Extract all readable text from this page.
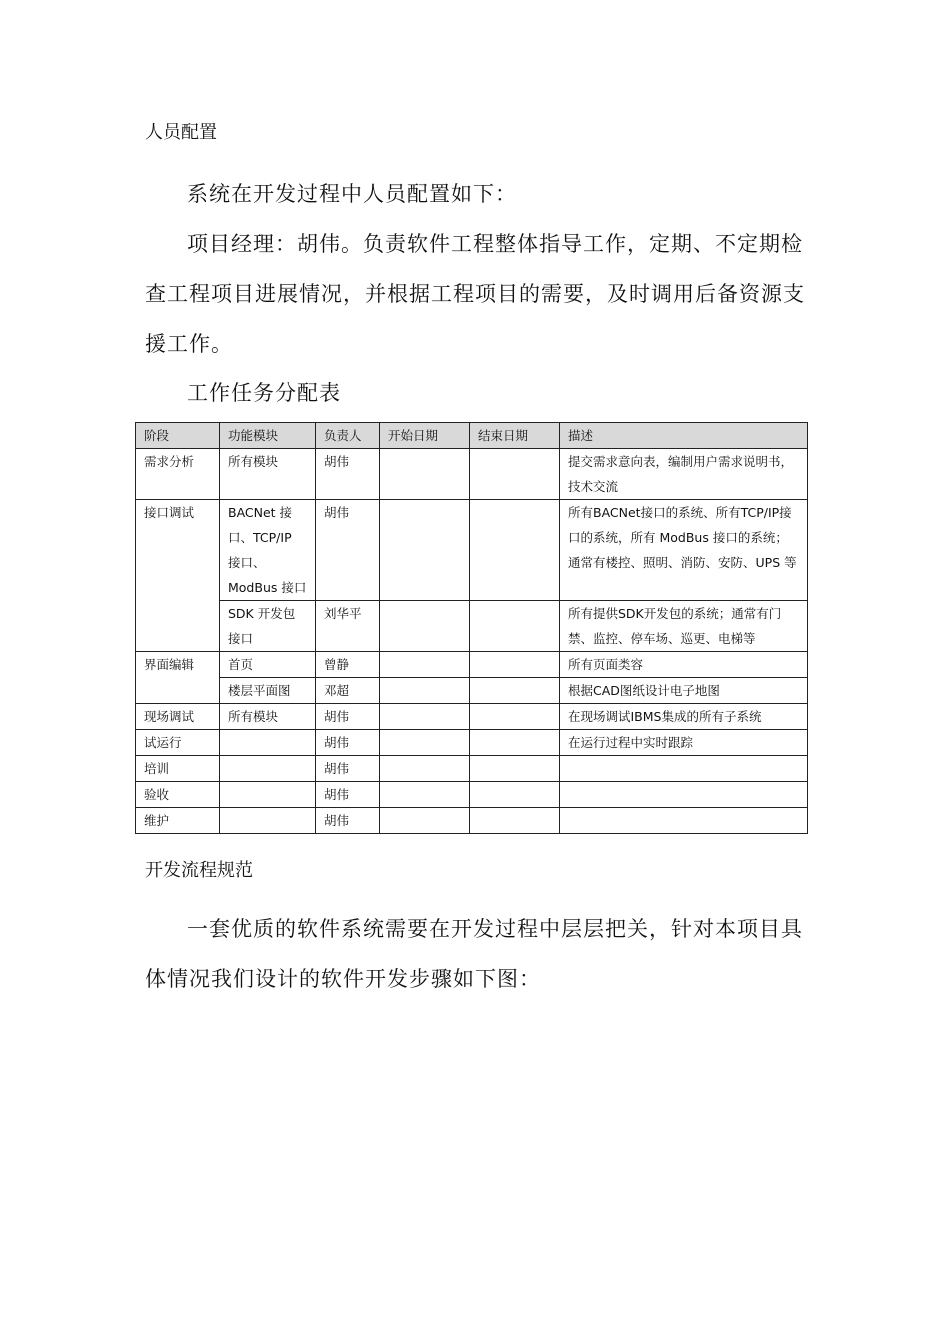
人员配置
系统在开发过程中人员配置如下：
项目经理：胡伟。负责软件工程整体指导工作，定期、不定期检查工程项目进展情况，并根据工程项目的需要，及时调用后备资源支援工作。
工作任务分配表
阶段	功能模块	负责人	开始日期	结束日期	描述
需求分析	所有模块	胡伟			提交需求意向表，编制用户需求说明书，技术交流
接口调试	BACNet 接口、TCP/IP 接口、ModBus 接口	胡伟			所有BACNet接口的系统、所有TCP/IP接口的系统，所有 ModBus 接口的系统；通常有楼控、照明、消防、安防、UPS 等
	SDK 开发包接口	刘华平			所有提供SDK开发包的系统；通常有门禁、监控、停车场、巡更、电梯等
界面编辑	首页	曾静			所有页面类容
	楼层平面图	邓超			根据CAD图纸设计电子地图
现场调试	所有模块	胡伟			在现场调试IBMS集成的所有子系统
试运行		胡伟			在运行过程中实时跟踪
培训		胡伟			
验收		胡伟			
维护		胡伟			
开发流程规范
一套优质的软件系统需要在开发过程中层层把关，针对本项目具体情况我们设计的软件开发步骤如下图：
